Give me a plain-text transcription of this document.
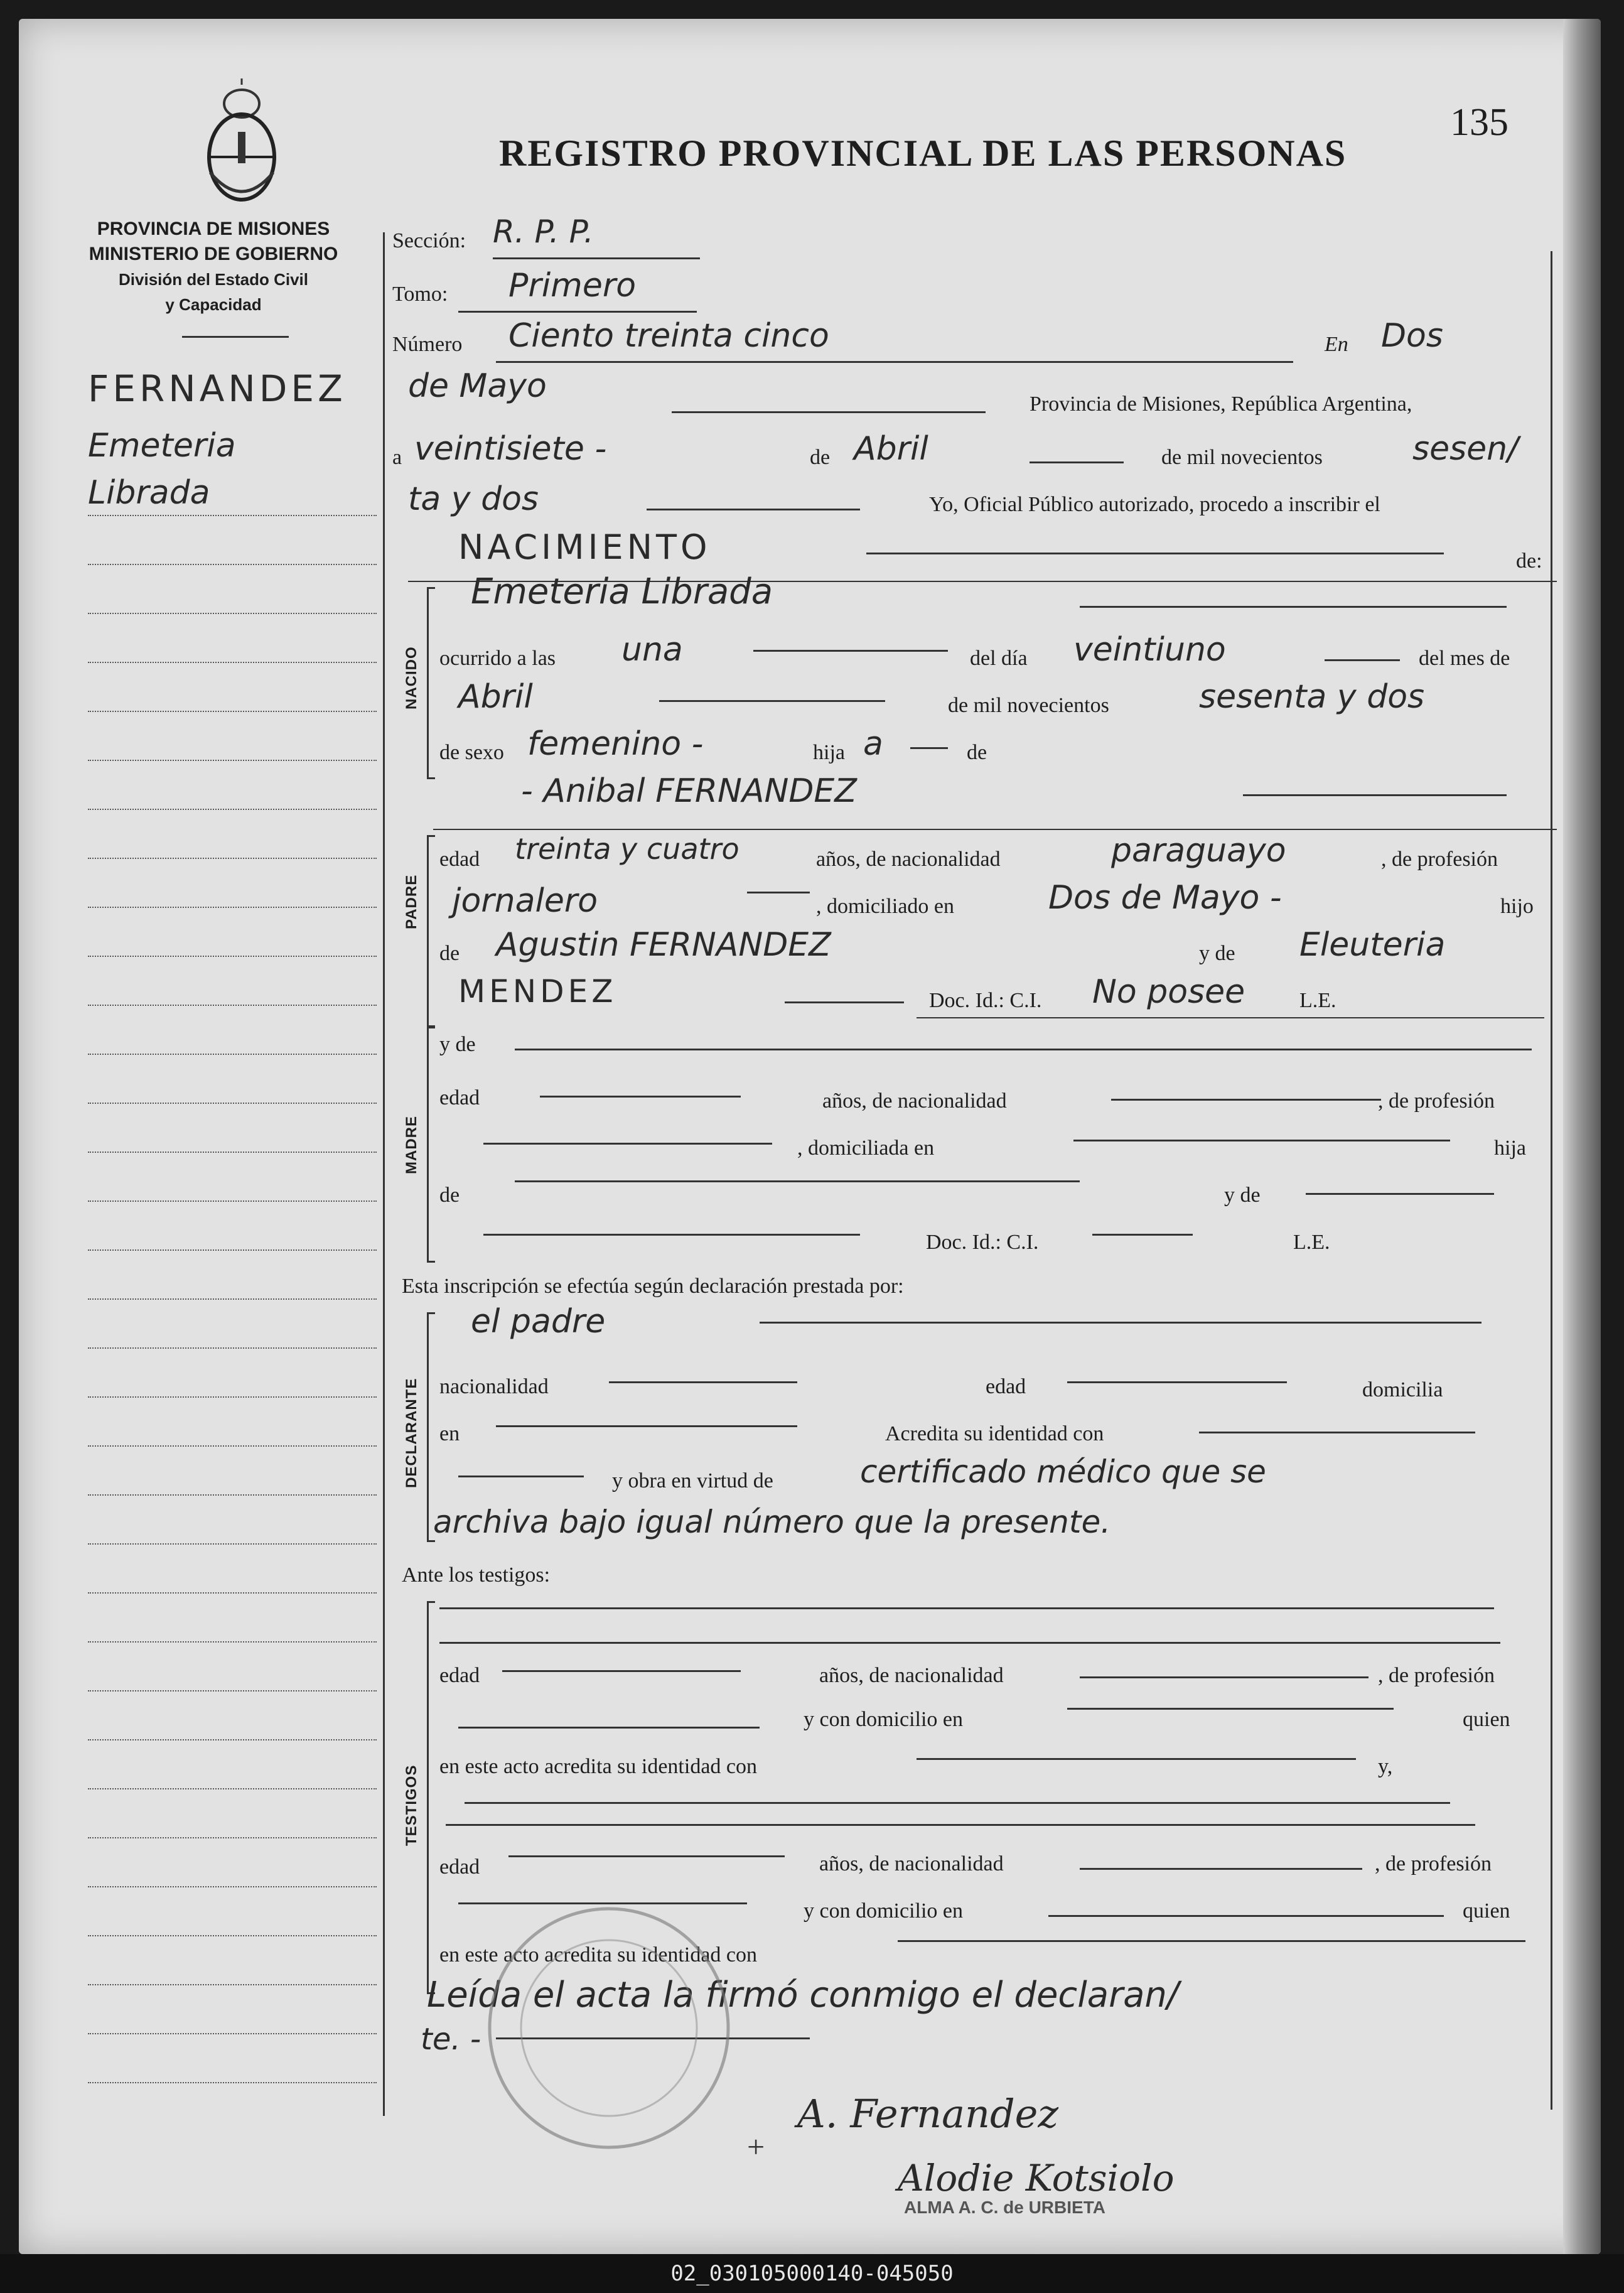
PROVINCIA DE MISIONES
MINISTERIO DE GOBIERNO
División del Estado Civil
y Capacidad
REGISTRO PROVINCIAL DE LAS PERSONAS
135
FERNANDEZ
Emeteria
Librada
Sección: R. P. P.
Tomo: Primero
Número Ciento treinta cinco	En Dos
de Mayo	Provincia de Misiones, República Argentina,
a veintisiete -	de Abril	de mil novecientos	sesen/
ta y dos	Yo, Oficial Público autorizado, procedo a inscribir el
NACIMIENTO	de:
NACIDO
Emeteria Librada
ocurrido a las una	del día veintiuno	del mes de
Abril	de mil novecientos	sesenta y dos
de sexo femenino -	hija a	de
- Anibal FERNANDEZ
PADRE
edad treinta y cuatro	años, de nacionalidad	paraguayo	, de profesión
jornalero	, domiciliado en	Dos de Mayo -	hijo
de Agustin FERNANDEZ	y de Eleuteria
MENDEZ	Doc. Id.: C.I. No posee	L.E.
MADRE
y de
edad	años, de nacionalidad	, de profesión
, domiciliada en	hija
de	y de
Doc. Id.: C.I.	L.E.
Esta inscripción se efectúa según declaración prestada por:
DECLARANTE
el padre
nacionalidad	edad	domicilia
en	Acredita su identidad con
y obra en virtud de	certificado médico que se
archiva bajo igual número que la presente.
Ante los testigos:
TESTIGOS
edad	años, de nacionalidad	, de profesión
y con domicilio en	quien
en este acto acredita su identidad con	y,
edad	años, de nacionalidad	, de profesión
y con domicilio en	quien
en este acto acredita su identidad con
Leída el acta la firmó conmigo el declaran/
te. -
A. Fernandez
+
Alodie Kotsiolo
ALMA A. C. de URBIETA
02_030105000140-045050
